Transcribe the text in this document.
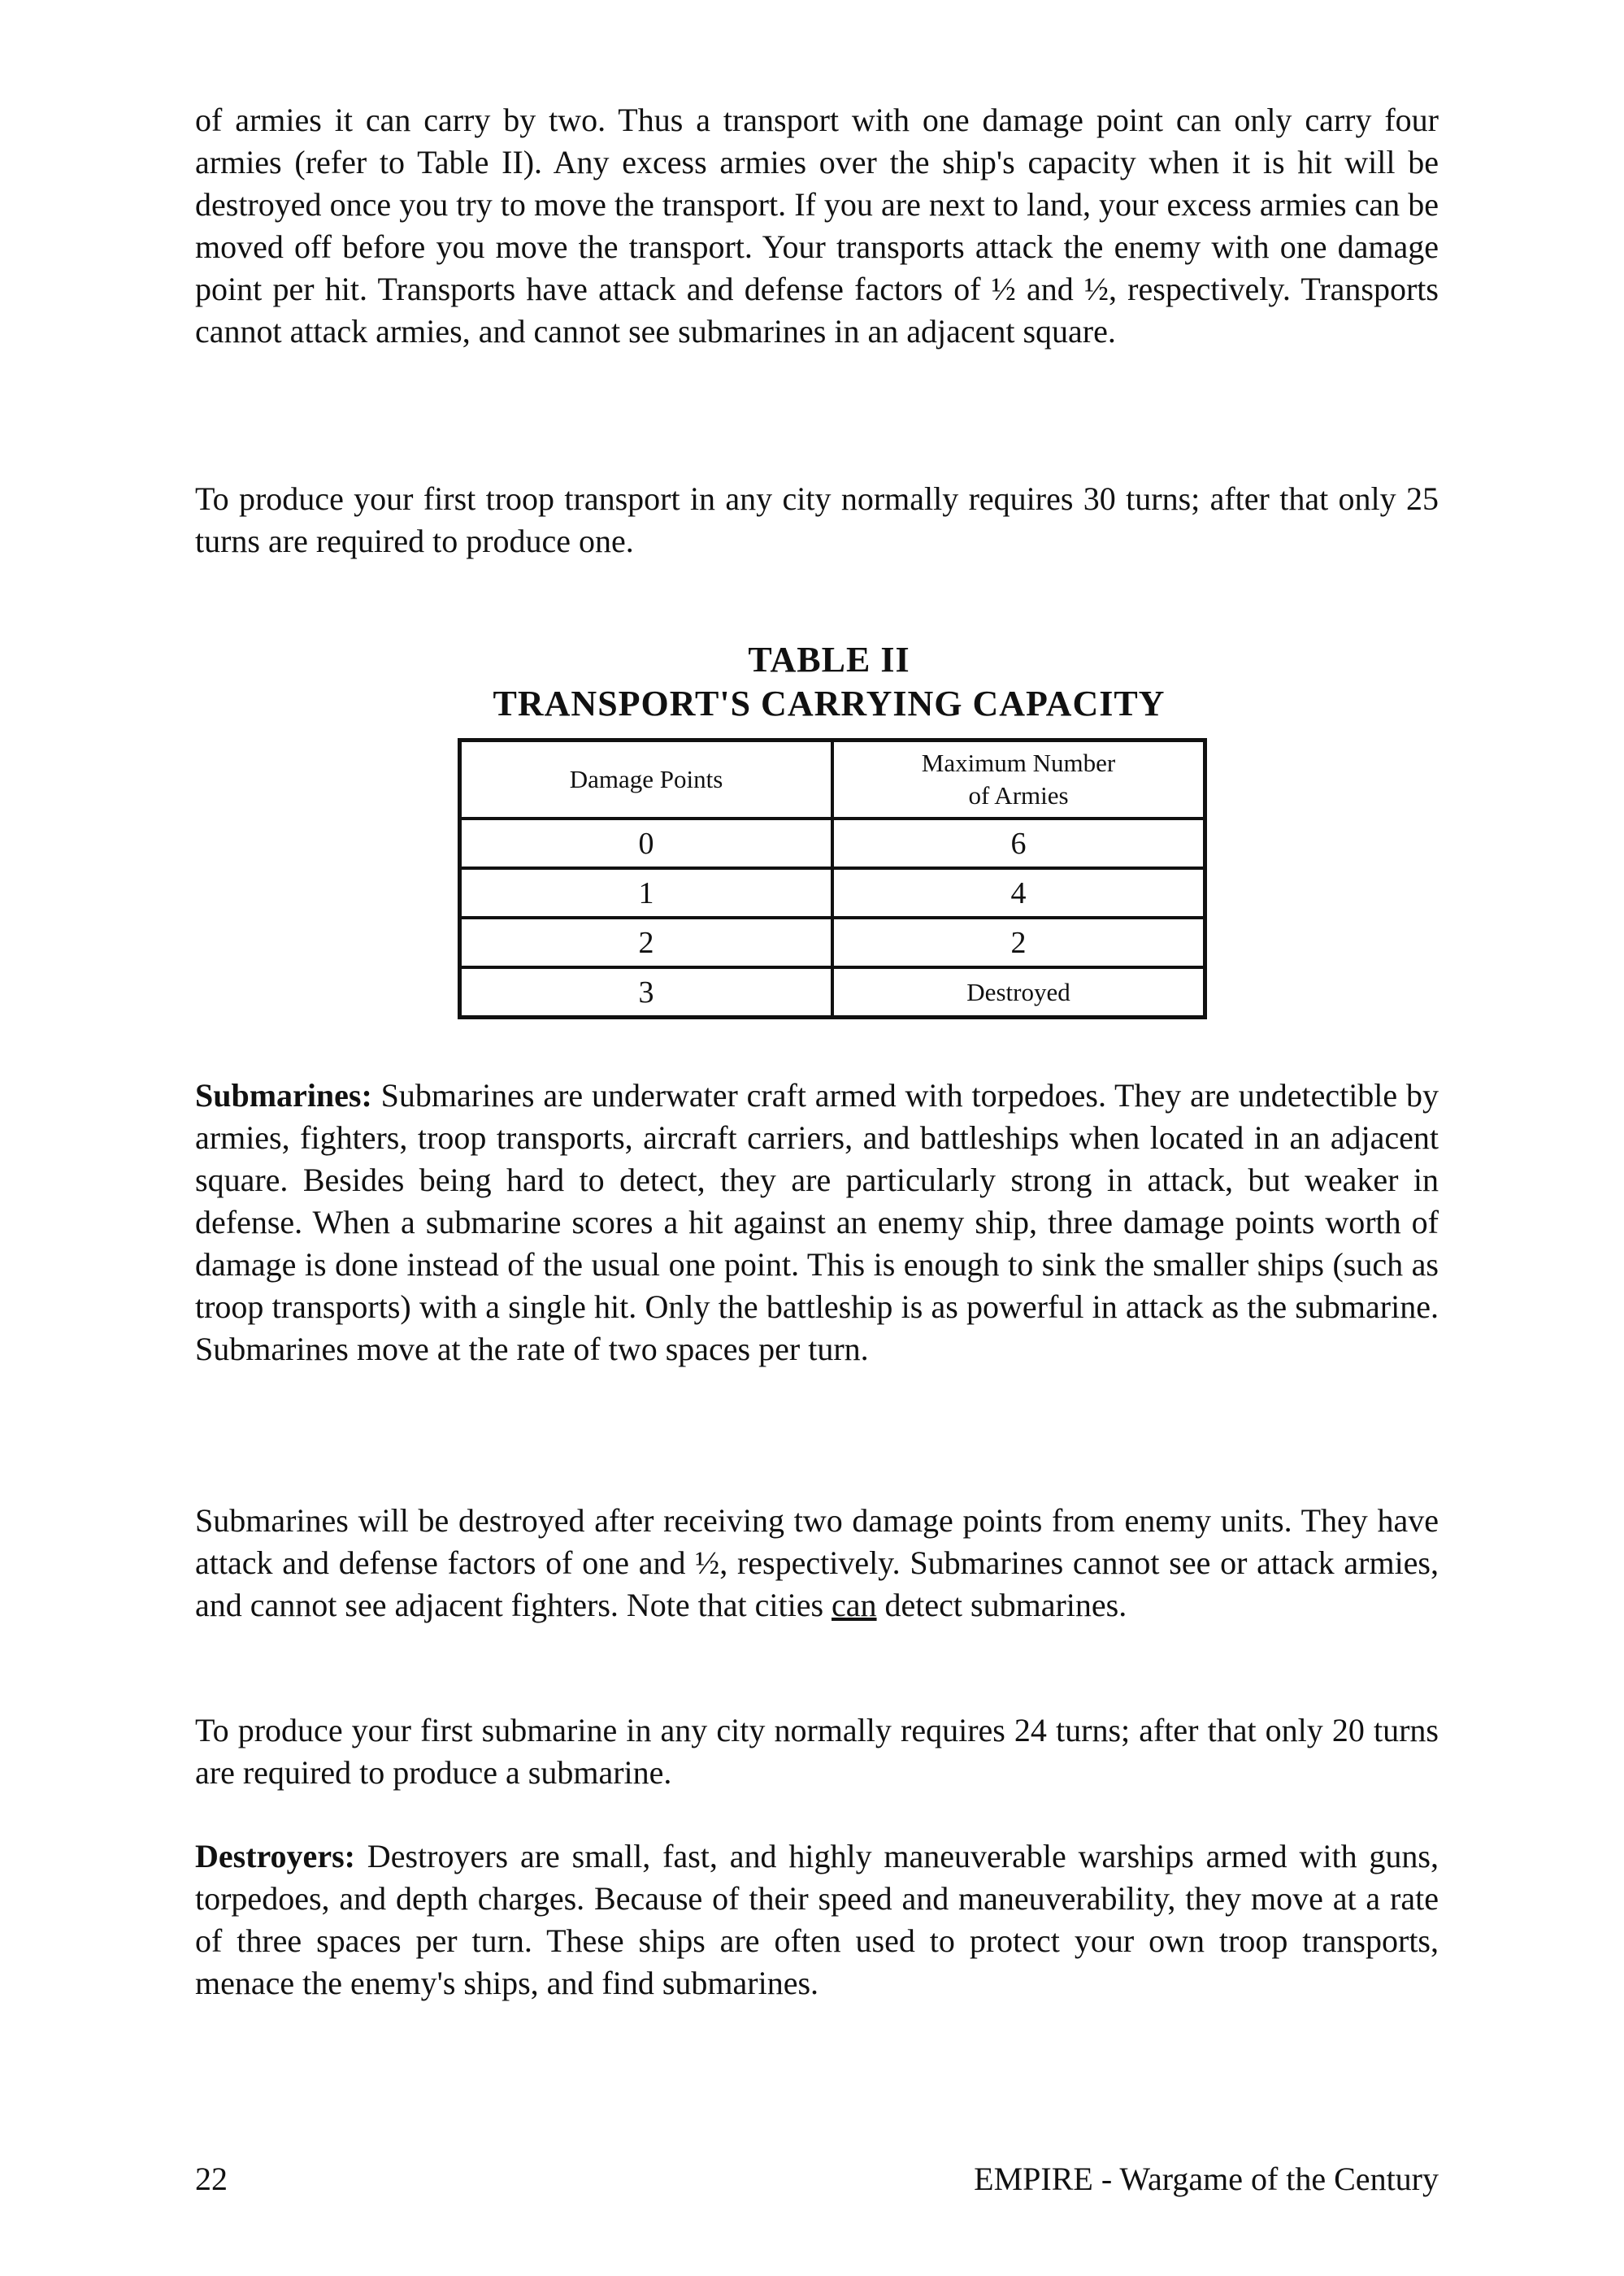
of armies it can carry by two. Thus a transport with one damage point can only carry four armies (refer to Table II). Any excess armies over the ship's capacity when it is hit will be destroyed once you try to move the transport. If you are next to land, your excess armies can be moved off before you move the transport. Your transports attack the enemy with one damage point per hit. Transports have attack and defense factors of ½ and ½, respectively. Transports cannot attack armies, and cannot see submarines in an adjacent square.

To produce your first troop transport in any city normally requires 30 turns; after that only 25 turns are required to produce one.

TABLE II
TRANSPORT'S CARRYING CAPACITY
Damage Points	Maximum Number
of Armies
0	6
1	4
2	2
3	Destroyed

Submarines: Submarines are underwater craft armed with torpedoes. They are undetectible by armies, fighters, troop transports, aircraft carriers, and battleships when located in an adjacent square. Besides being hard to detect, they are particularly strong in attack, but weaker in defense. When a submarine scores a hit against an enemy ship, three damage points worth of damage is done instead of the usual one point. This is enough to sink the smaller ships (such as troop transports) with a single hit. Only the battleship is as powerful in attack as the submarine. Submarines move at the rate of two spaces per turn.

Submarines will be destroyed after receiving two damage points from enemy units. They have attack and defense factors of one and ½, respectively. Submarines cannot see or attack armies, and cannot see adjacent fighters. Note that cities can detect submarines.

To produce your first submarine in any city normally requires 24 turns; after that only 20 turns are required to produce a submarine.

Destroyers: Destroyers are small, fast, and highly maneuverable warships armed with guns, torpedoes, and depth charges. Because of their speed and maneuverability, they move at a rate of three spaces per turn. These ships are often used to protect your own troop transports, menace the enemy's ships, and find submarines.

22	EMPIRE - Wargame of the Century
